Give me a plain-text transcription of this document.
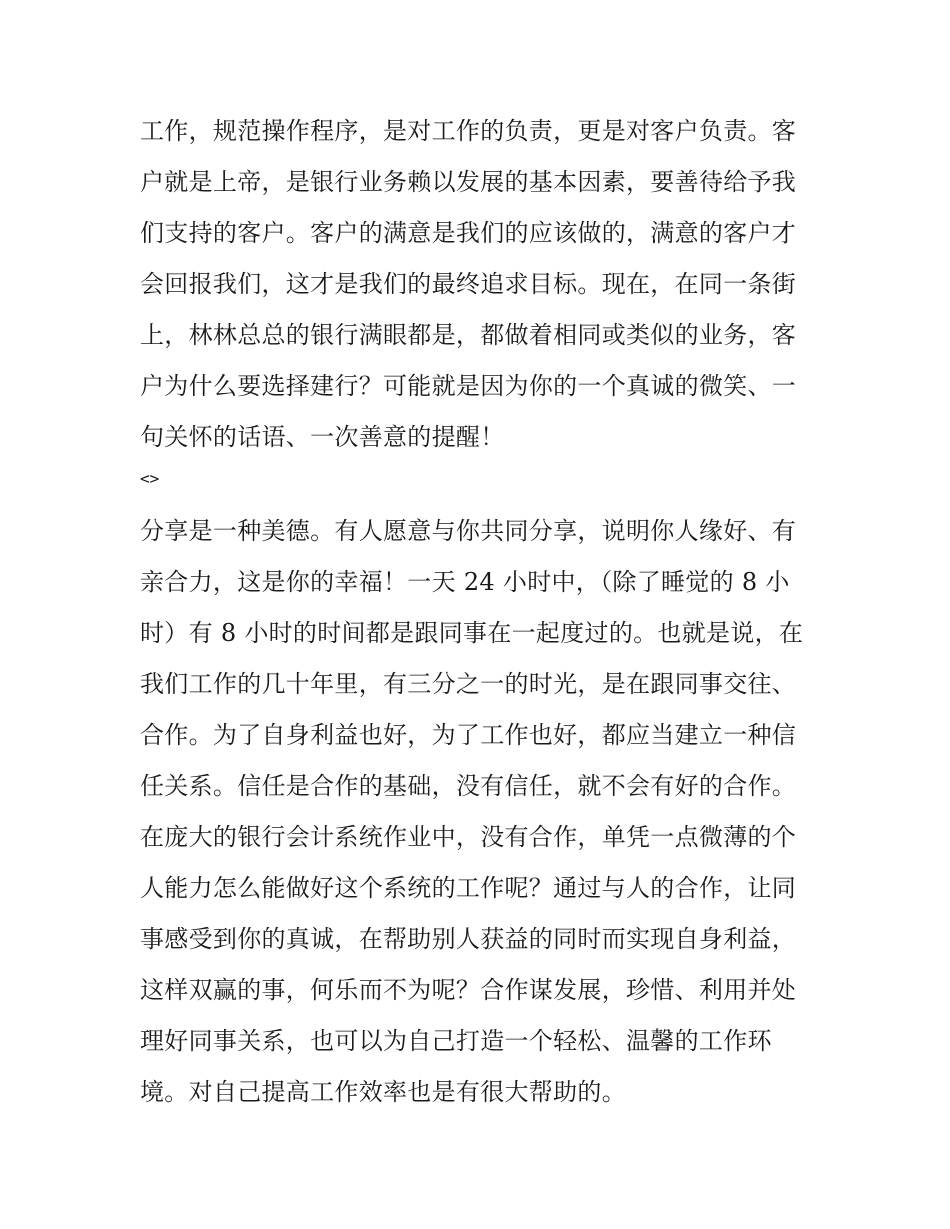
工作，规范操作程序，是对工作的负责，更是对客户负责。客
户就是上帝，是银行业务赖以发展的基本因素，要善待给予我
们支持的客户。客户的满意是我们的应该做的，满意的客户才
会回报我们，这才是我们的最终追求目标。现在，在同一条街
上，林林总总的银行满眼都是，都做着相同或类似的业务，客
户为什么要选择建行？可能就是因为你的一个真诚的微笑、一
句关怀的话语、一次善意的提醒！
<>
分享是一种美德。有人愿意与你共同分享，说明你人缘好、有
亲合力，这是你的幸福！一天 24 小时中，（除了睡觉的 8 小
时）有 8 小时的时间都是跟同事在一起度过的。也就是说，在
我们工作的几十年里，有三分之一的时光，是在跟同事交往、
合作。为了自身利益也好，为了工作也好，都应当建立一种信
任关系。信任是合作的基础，没有信任，就不会有好的合作。
在庞大的银行会计系统作业中，没有合作，单凭一点微薄的个
人能力怎么能做好这个系统的工作呢？通过与人的合作，让同
事感受到你的真诚，在帮助别人获益的同时而实现自身利益，
这样双赢的事，何乐而不为呢？合作谋发展，珍惜、利用并处
理好同事关系，也可以为自己打造一个轻松、温馨的工作环
境。对自己提高工作效率也是有很大帮助的。
